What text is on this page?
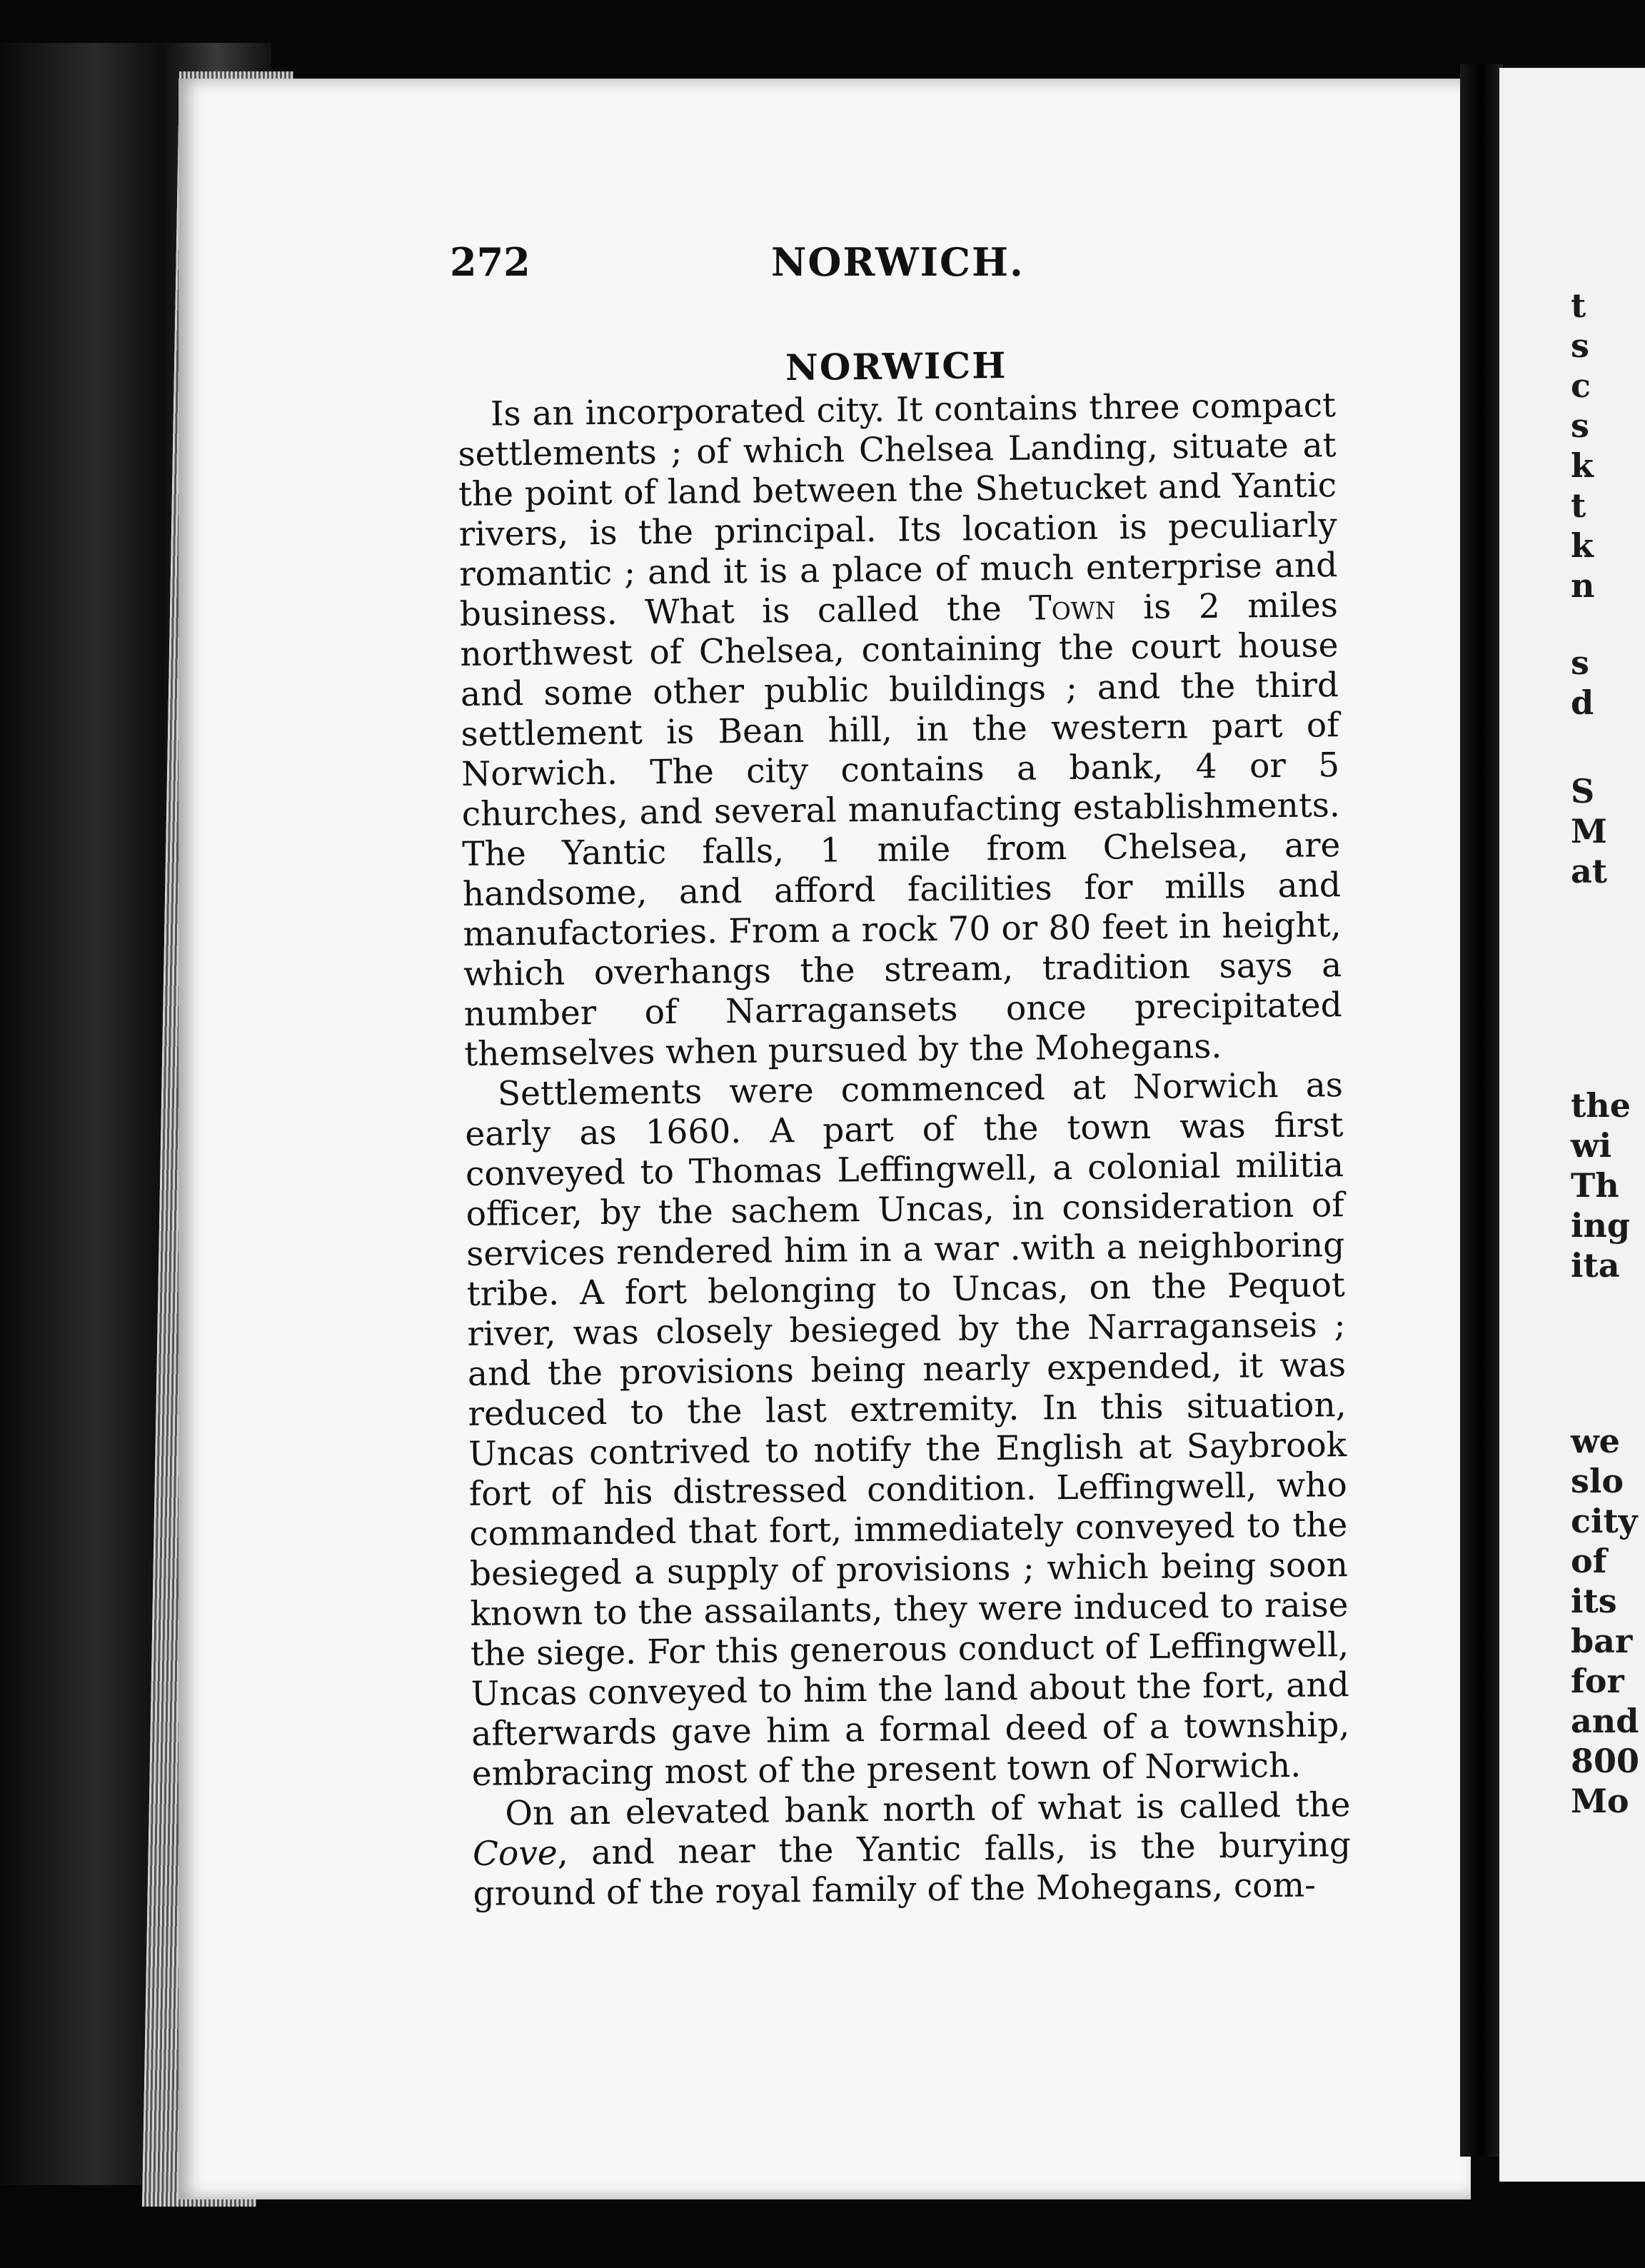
272	NORWICH.
NORWICH

Is an incorporated city. It contains three compact settlements ; of which Chelsea Landing, situate at the point of land between the Shetucket and Yantic rivers, is the principal. Its location is peculiarly romantic ; and it is a place of much enterprise and business. What is called the Town is 2 miles northwest of Chelsea, containing the court house and some other public buildings ; and the third settlement is Bean hill, in the western part of Norwich. The city contains a bank, 4 or 5 churches, and several manufacting establishments. The Yantic falls, 1 mile from Chelsea, are handsome, and afford facilities for mills and manufactories. From a rock 70 or 80 feet in height, which overhangs the stream, tradition says a number of Narragansets once precipitated themselves when pursued by the Mohegans.

Settlements were commenced at Norwich as early as 1660. A part of the town was first conveyed to Thomas Leffingwell, a colonial militia officer, by the sachem Uncas, in consideration of services rendered him in a war .with a neighboring tribe. A fort belonging to Uncas, on the Pequot river, was closely besieged by the Narraganseis ; and the provisions being nearly expended, it was reduced to the last extremity. In this situation, Uncas contrived to notify the English at Saybrook fort of his distressed condition. Leffingwell, who commanded that fort, immediately conveyed to the besieged a supply of provisions ; which being soon known to the assailants, they were induced to raise the siege. For this generous conduct of Leffingwell, Uncas conveyed to him the land about the fort, and afterwards gave him a formal deed of a township, embracing most of the present town of Norwich.

On an elevated bank north of what is called the Cove, and near the Yantic falls, is the burying ground of the royal family of the Mohegans, com-

t
s
c
s
k
t
k
n
s
d
S
M
at
the
wi
Th
ing
ita
we
slo
city
of
its
bar
for
and
800
Mo
